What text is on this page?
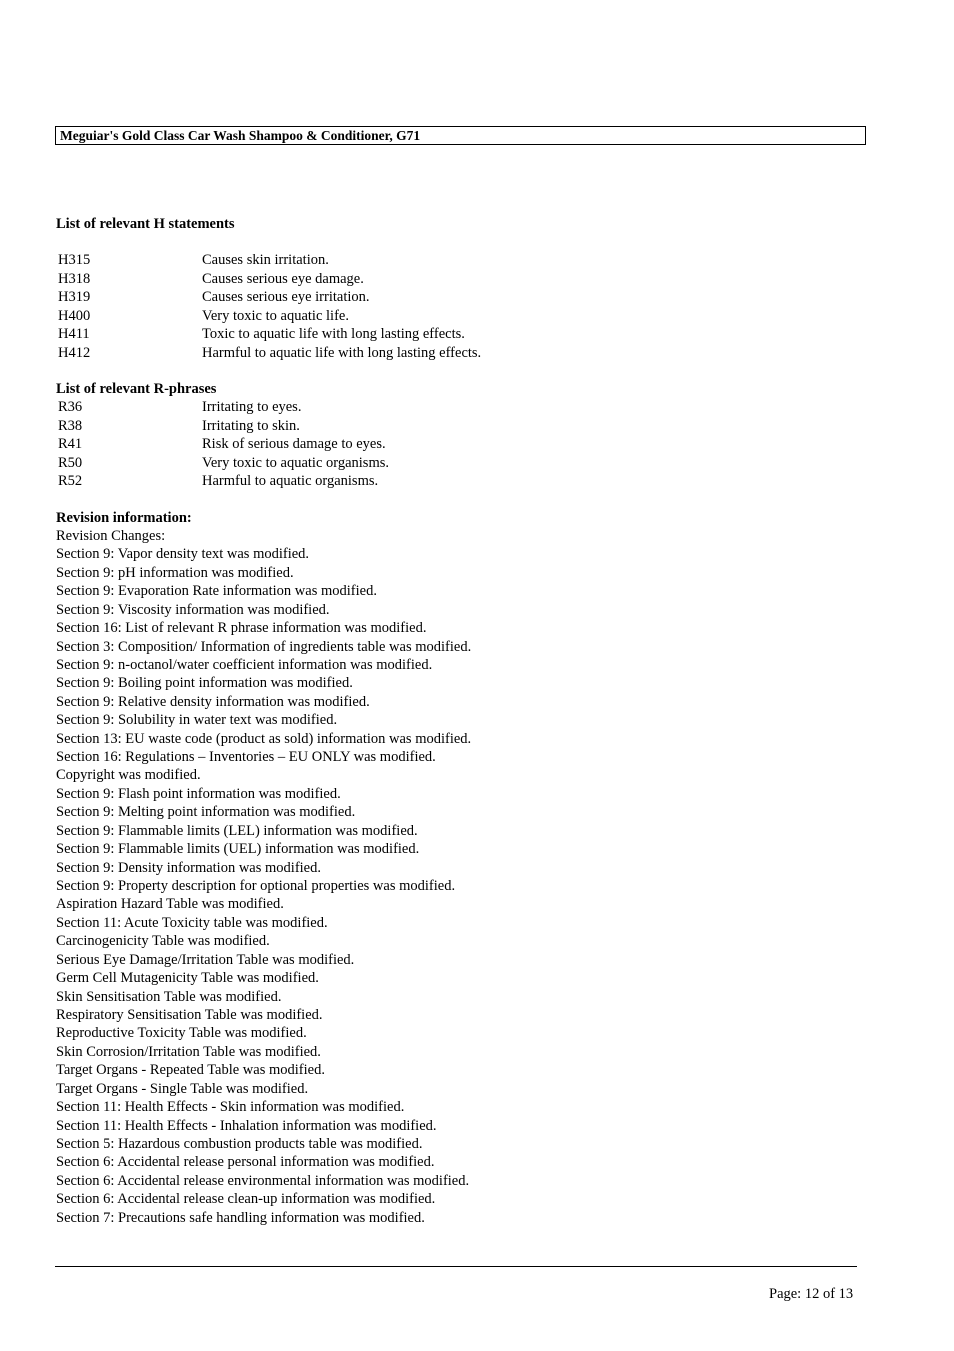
Meguiar's Gold Class Car Wash Shampoo & Conditioner, G71
List of relevant H statements
H315	Causes skin irritation.
H318	Causes serious eye damage.
H319	Causes serious eye irritation.
H400	Very toxic to aquatic life.
H411	Toxic to aquatic life with long lasting effects.
H412	Harmful to aquatic life with long lasting effects.
List of relevant R-phrases
R36	Irritating to eyes.
R38	Irritating to skin.
R41	Risk of serious damage to eyes.
R50	Very toxic to aquatic organisms.
R52	Harmful to aquatic organisms.
Revision information:
Revision Changes:
Section 9: Vapor density text was modified.
Section 9: pH information was modified.
Section 9: Evaporation Rate information was modified.
Section 9: Viscosity information was modified.
Section 16: List of relevant R phrase information was modified.
Section 3: Composition/ Information of ingredients table was modified.
Section 9: n-octanol/water coefficient information was modified.
Section 9: Boiling point information was modified.
Section 9: Relative density information was modified.
Section 9: Solubility in water text was modified.
Section 13: EU waste code (product as sold) information was modified.
Section 16: Regulations – Inventories – EU ONLY was modified.
Copyright was modified.
Section 9: Flash point information was modified.
Section 9: Melting point information was modified.
Section 9: Flammable limits (LEL) information was modified.
Section 9: Flammable limits (UEL) information was modified.
Section 9: Density information was modified.
Section 9: Property description for optional properties was modified.
Aspiration Hazard Table was modified.
Section 11: Acute Toxicity table was modified.
Carcinogenicity Table was modified.
Serious Eye Damage/Irritation Table was modified.
Germ Cell Mutagenicity Table was modified.
Skin Sensitisation Table was modified.
Respiratory Sensitisation Table was modified.
Reproductive Toxicity Table was modified.
Skin Corrosion/Irritation Table was modified.
Target Organs - Repeated Table was modified.
Target Organs - Single Table was modified.
Section 11: Health Effects - Skin information was modified.
Section 11: Health Effects - Inhalation information was modified.
Section 5: Hazardous combustion products table was modified.
Section 6: Accidental release personal information was modified.
Section 6: Accidental release environmental information was modified.
Section 6: Accidental release clean-up information was modified.
Section 7: Precautions safe handling information was modified.
Page: 12 of 13
